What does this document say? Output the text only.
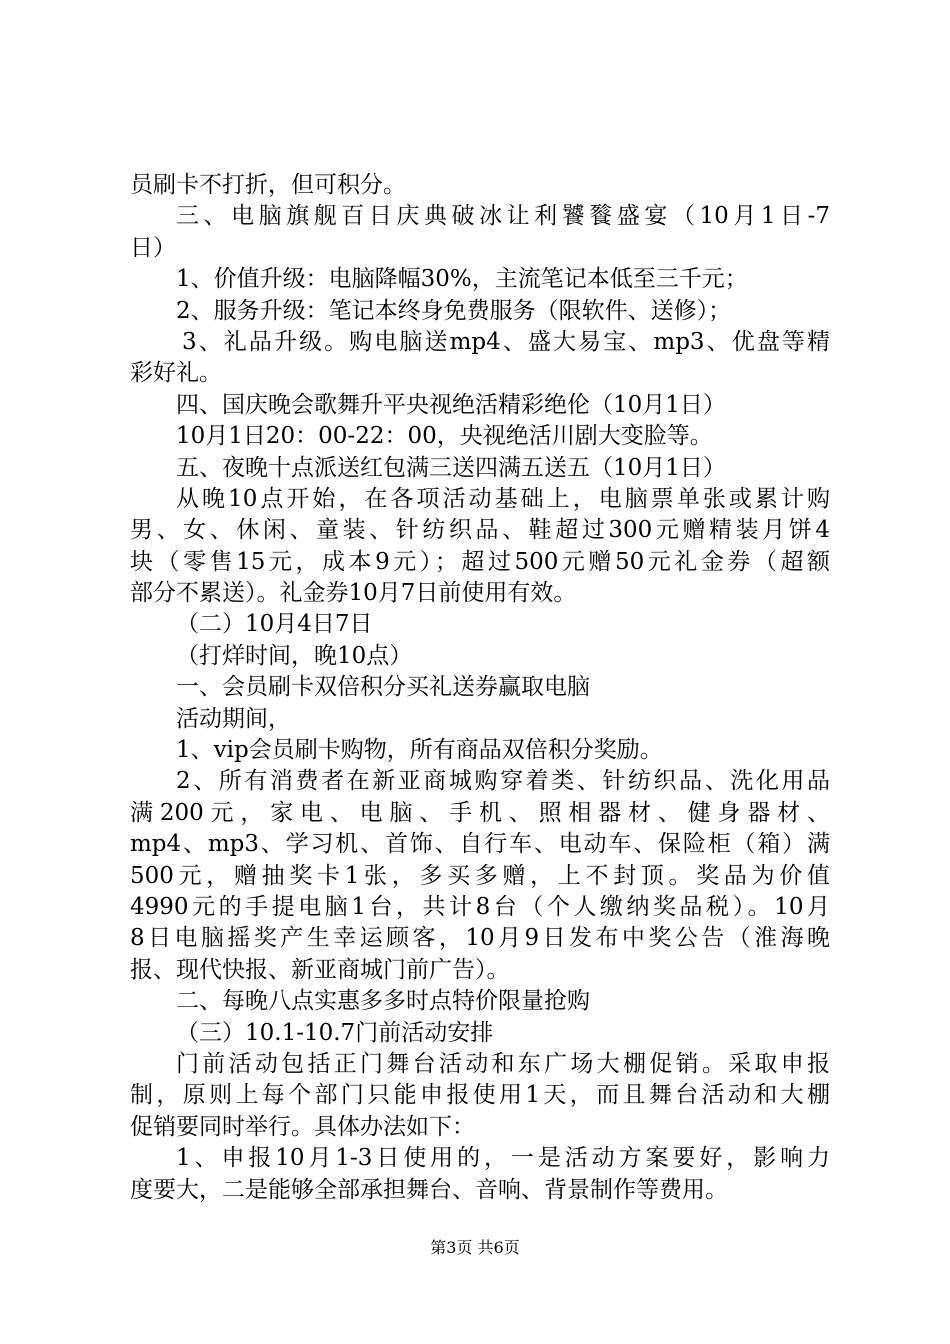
员刷卡不打折，但可积分。
三、电脑旗舰百日庆典破冰让利饕餮盛宴（10月1日-7
日）
1、价值升级：电脑降幅30%，主流笔记本低至三千元；
2、服务升级：笔记本终身免费服务（限软件、送修）；
3、礼品升级。购电脑送mp4、盛大易宝、mp3、优盘等精
彩好礼。
四、国庆晚会歌舞升平央视绝活精彩绝伦（10月1日）
10月1日20：00-22：00，央视绝活川剧大变脸等。
五、夜晚十点派送红包满三送四满五送五（10月1日）
从晚10点开始，在各项活动基础上，电脑票单张或累计购
男、女、休闲、童装、针纺织品、鞋超过300元赠精装月饼4
块（零售15元，成本9元）；超过500元赠50元礼金券（超额
部分不累送）。礼金券10月7日前使用有效。
（二）10月4日7日
（打烊时间，晚10点）
一、会员刷卡双倍积分买礼送券赢取电脑
活动期间，
1、vip会员刷卡购物，所有商品双倍积分奖励。
2、所有消费者在新亚商城购穿着类、针纺织品、洗化用品
满200元，家电、电脑、手机、照相器材、健身器材、
mp4、mp3、学习机、首饰、自行车、电动车、保险柜（箱）满
500元，赠抽奖卡1张，多买多赠，上不封顶。奖品为价值
4990元的手提电脑1台，共计8台（个人缴纳奖品税）。10月
8日电脑摇奖产生幸运顾客，10月9日发布中奖公告（淮海晚
报、现代快报、新亚商城门前广告）。
二、每晚八点实惠多多时点特价限量抢购
（三）10.1-10.7门前活动安排
门前活动包括正门舞台活动和东广场大棚促销。采取申报
制，原则上每个部门只能申报使用1天，而且舞台活动和大棚
促销要同时举行。具体办法如下：
1、申报10月1-3日使用的，一是活动方案要好，影响力
度要大，二是能够全部承担舞台、音响、背景制作等费用。
第3页 共6页
